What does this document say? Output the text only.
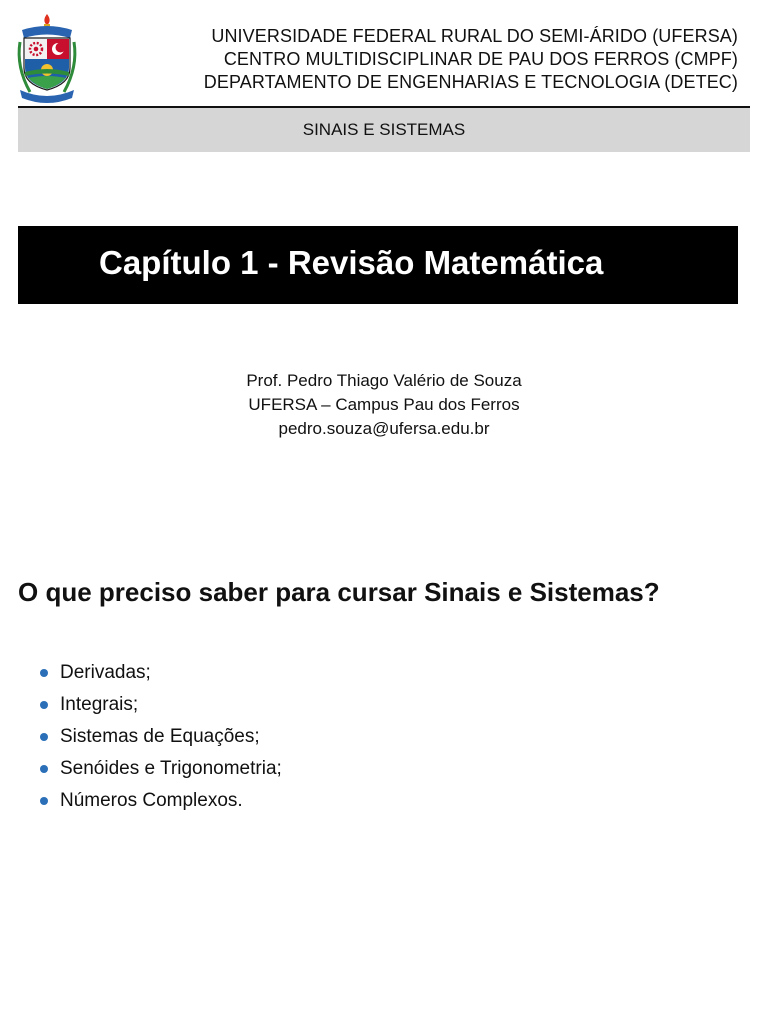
UNIVERSIDADE FEDERAL RURAL DO SEMI-ÁRIDO (UFERSA)
CENTRO MULTIDISCIPLINAR DE PAU DOS FERROS (CMPF)
DEPARTAMENTO DE ENGENHARIAS E TECNOLOGIA (DETEC)
SINAIS E SISTEMAS
Capítulo 1 - Revisão Matemática
Prof. Pedro Thiago Valério de Souza
UFERSA – Campus Pau dos Ferros
pedro.souza@ufersa.edu.br
O que preciso saber para cursar Sinais e Sistemas?
Derivadas;
Integrais;
Sistemas de Equações;
Senóides e Trigonometria;
Números Complexos.
